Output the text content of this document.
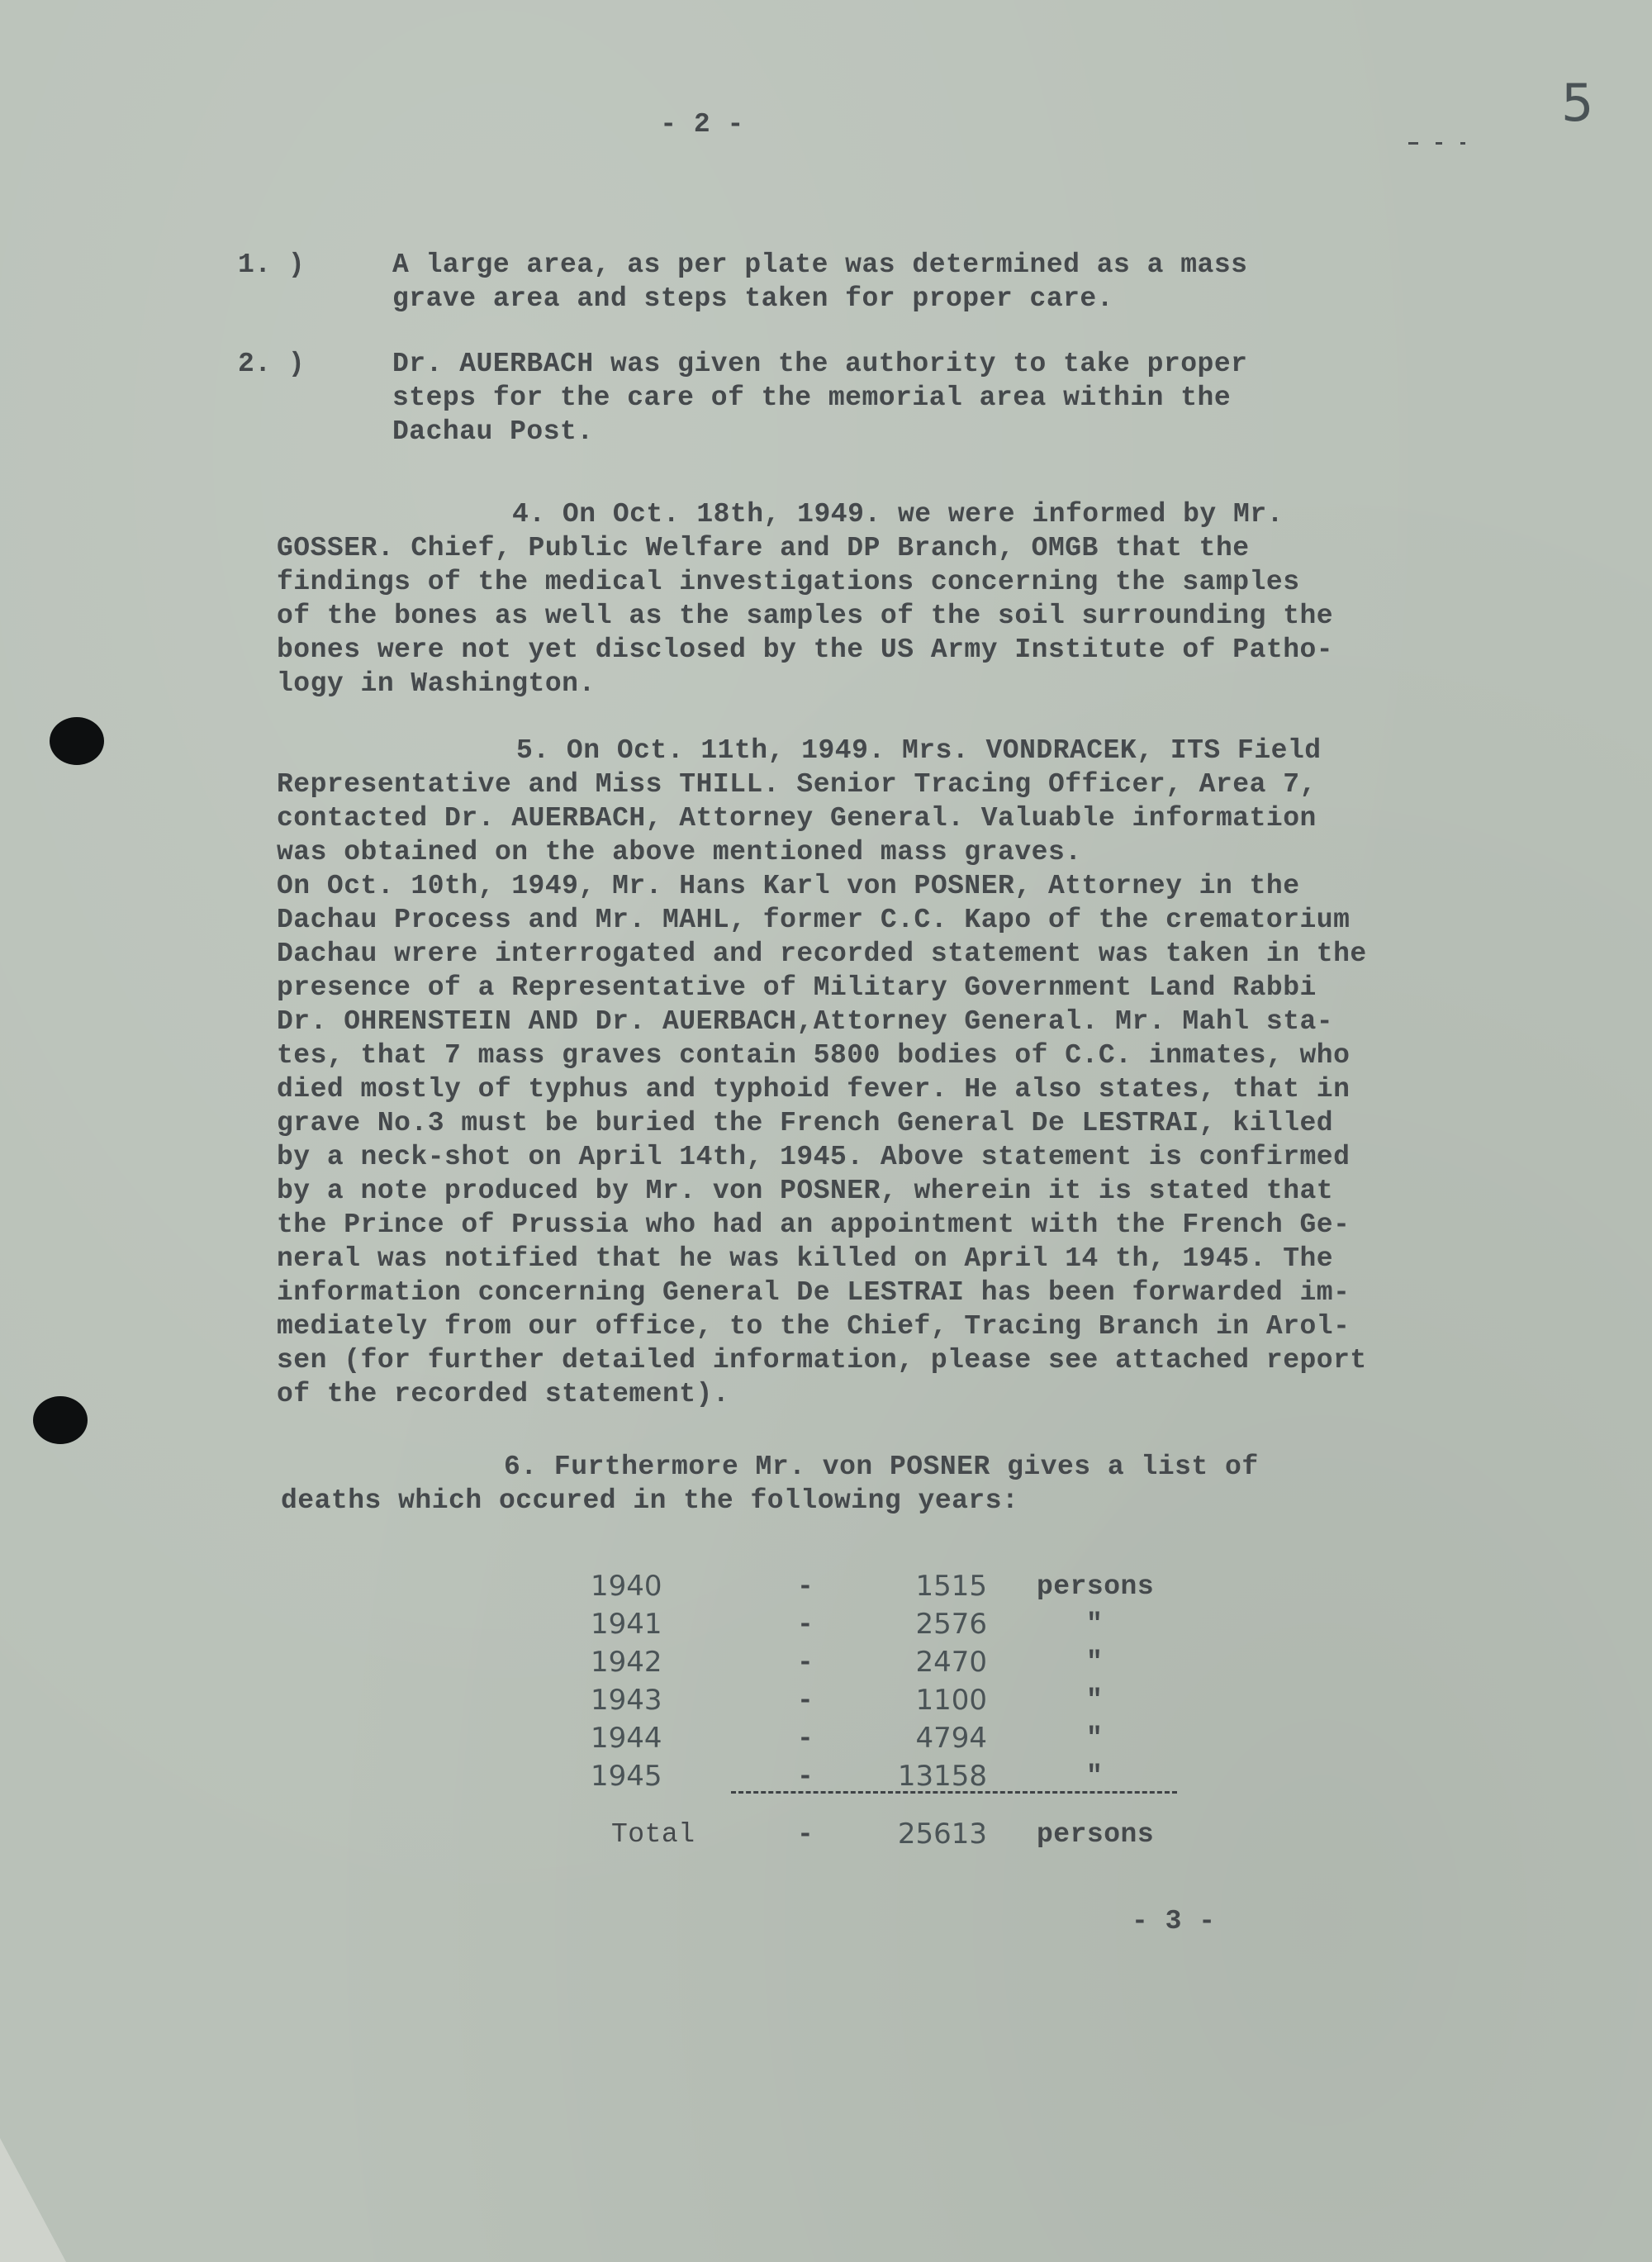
- 2 -	5
1. )	A large area, as per plate was determined as a mass
grave area and steps taken for proper care.
2. )	Dr. AUERBACH was given the authority to take proper
steps for the care of the memorial area within the
Dachau Post.
4. On Oct. 18th, 1949. we were informed by Mr.
GOSSER. Chief, Public Welfare and DP Branch, OMGB that the
findings of the medical investigations concerning the samples
of the bones as well as the samples of the soil surrounding the
bones were not yet disclosed by the US Army Institute of Patho-
logy in Washington.
5. On Oct. 11th, 1949. Mrs. VONDRACEK, ITS Field
Representative and Miss THILL. Senior Tracing Officer, Area 7,
contacted Dr. AUERBACH, Attorney General. Valuable information
was obtained on the above mentioned mass graves.
On Oct. 10th, 1949, Mr. Hans Karl von POSNER, Attorney in the
Dachau Process and Mr. MAHL, former C.C. Kapo of the crematorium
Dachau wrere interrogated and recorded statement was taken in the
presence of a Representative of Military Government Land Rabbi
Dr. OHRENSTEIN AND Dr. AUERBACH,Attorney General. Mr. Mahl sta-
tes, that 7 mass graves contain 5800 bodies of C.C. inmates, who
died mostly of typhus and typhoid fever. He also states, that in
grave No.3 must be buried the French General De LESTRAI, killed
by a neck-shot on April 14th, 1945. Above statement is confirmed
by a note produced by Mr. von POSNER, wherein it is stated that
the Prince of Prussia who had an appointment with the French Ge-
neral was notified that he was killed on April 14 th, 1945. The
information concerning General De LESTRAI has been forwarded im-
mediately from our office, to the Chief, Tracing Branch in Arol-
sen (for further detailed information, please see attached report
of the recorded statement).
6. Furthermore Mr. von POSNER gives a list of
deaths which occured in the following years:
1940	-	1515 persons
1941	-	2576	"
1942	-	2470	"
1943	-	1100	"
1944	-	4794	"
1945	-	13158	"
Total	-	25613 persons
- 3 -
